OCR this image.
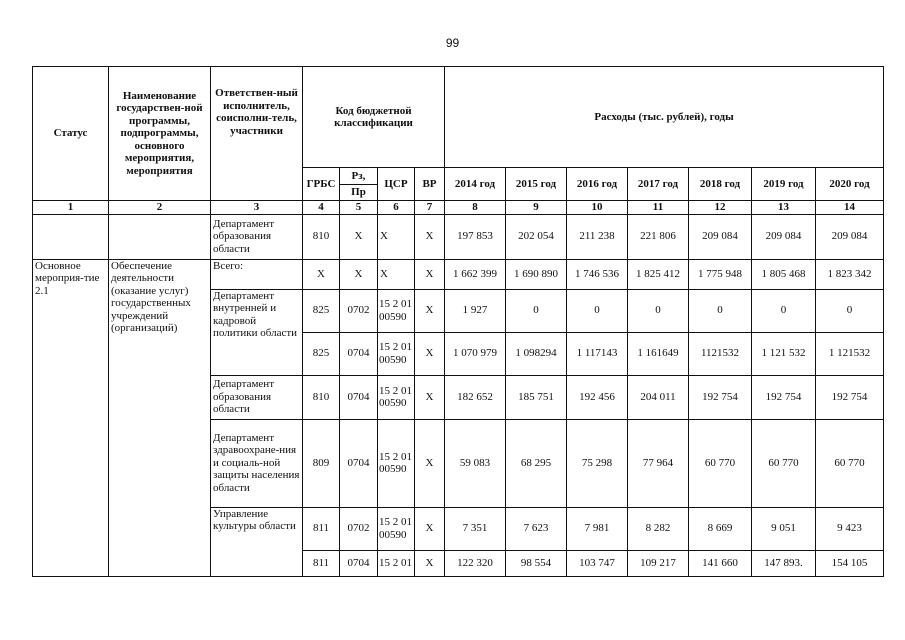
99
Статус	Наименование государствен-ной программы, подпрограммы, основного мероприятия, мероприятия	Ответствен-ный исполнитель, соисполни-тель, участники	Код бюджетной классификации				Расходы (тыс. рублей), годы						
			ГРБС	Рз,	ЦСР	ВР	2014 год	2015 год	2016 год	2017 год	2018 год	2019 год	2020 год
				Пр									
1	2	3	4	5	6	7	8	9	10	11	12	13	14
		Департамент образования области	810	X	X	X	197 853	202 054	211 238	221 806	209 084	209 084	209 084
Основное мероприя-тие 2.1	Обеспечение деятельности (оказание услуг) государственных учреждений (организаций)	Всего:	X	X	X	X	1 662 399	1 690 890	1 746 536	1 825 412	1 775 948	1 805 468	1 823 342
		Департамент внутренней и кадровой политики области	825	0702	15 2 01 00590	X	1 927	0	0	0	0	0	0
			825	0704	15 2 01 00590	X	1 070 979	1 098294	1 117143	1 161649	1121532	1 121 532	1 121532
		Департамент образования области	810	0704	15 2 01 00590	X	182 652	185 751	192 456	204 011	192 754	192 754	192 754
		Департамент здравоохране-ния и социаль-ной защиты населения области	809	0704	15 2 01 00590	X	59 083	68 295	75 298	77 964	60 770	60 770	60 770
		Управление культуры области	811	0702	15 2 01 00590	X	7 351	7 623	7 981	8 282	8 669	9 051	9 423
			811	0704	15 2 01	X	122 320	98 554	103 747	109 217	141 660	147 893.	154 105
